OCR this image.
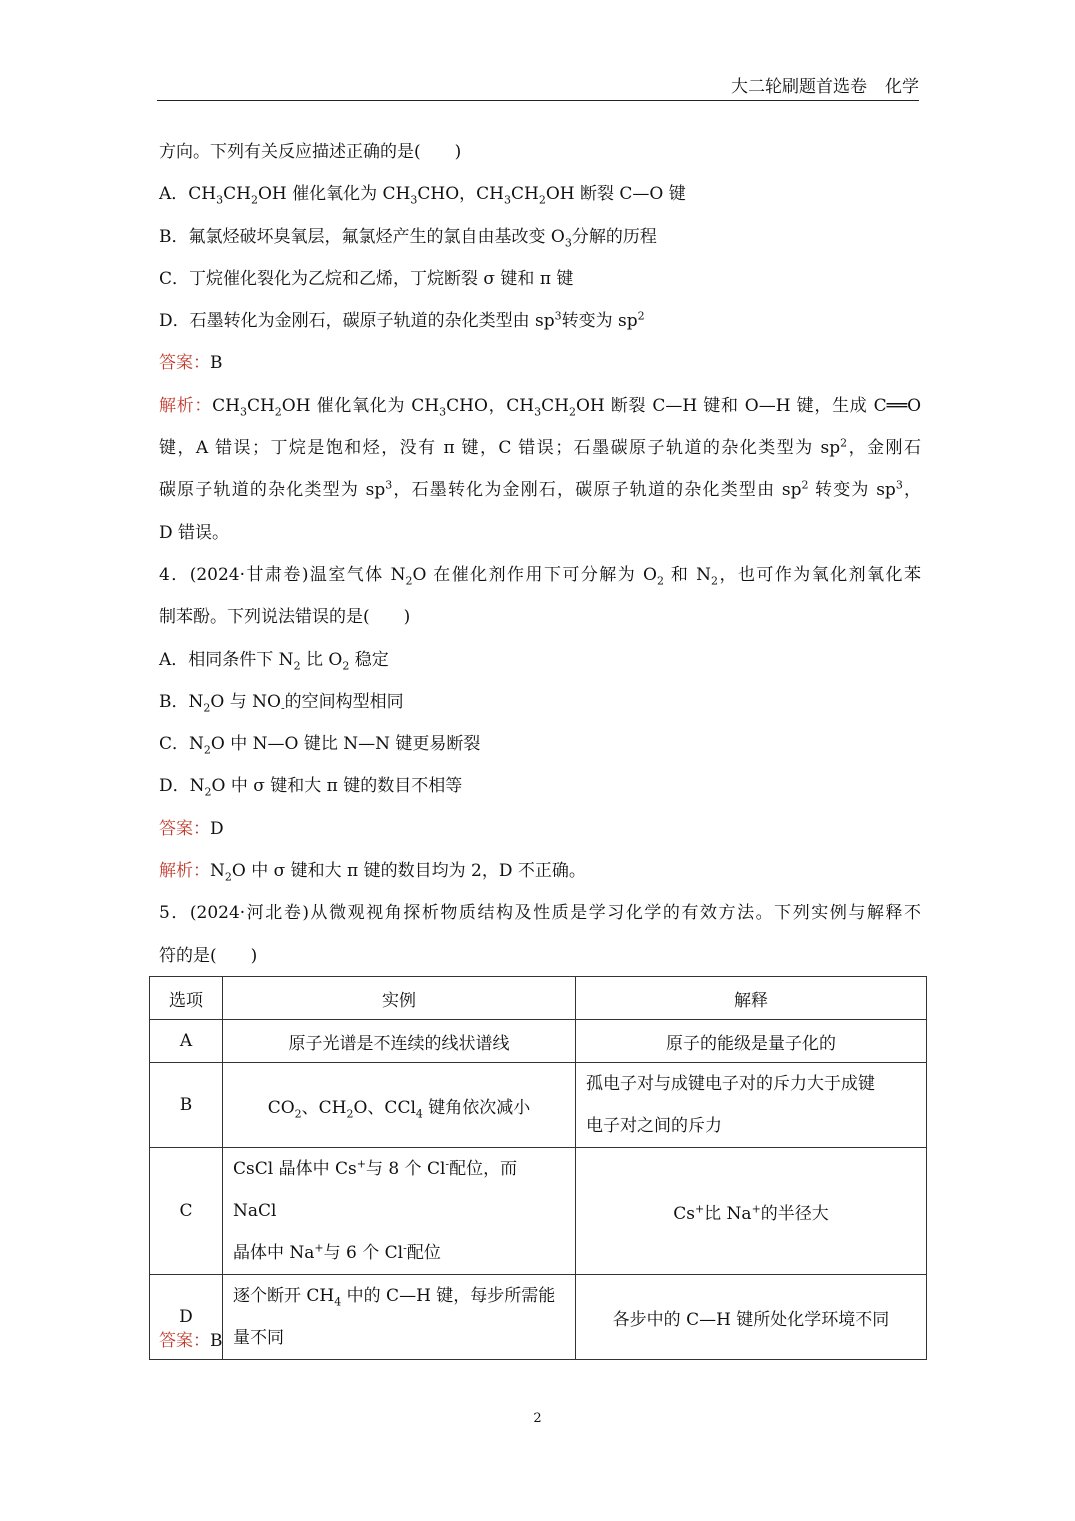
大二轮刷题首选卷 化学
方向。下列有关反应描述正确的是(　　)
A．$CH_3CH_2OH$ 催化氧化为 $CH_3CHO$，$CH_3CH_2OH$ 断裂 C—O 键
B．氟氯烃破坏臭氧层，氟氯烃产生的氯自由基改变 $O_3$分解的历程
C．丁烷催化裂化为乙烷和乙烯，丁烷断裂 σ 键和 π 键
D．石墨转化为金刚石，碳原子轨道的杂化类型由 $sp^3$转变为 $sp^2$
答案：B
解析：$CH_3CH_2OH$ 催化氧化为 $CH_3CHO$，$CH_3CH_2OH$ 断裂 C—H 键和 O—H 键，生成 C══O
键，A 错误；丁烷是饱和烃，没有 π 键，C 错误；石墨碳原子轨道的杂化类型为 $sp^2$，金刚石
碳原子轨道的杂化类型为 $sp^3$，石墨转化为金刚石，碳原子轨道的杂化类型由 $sp^2$ 转变为 $sp^3$，
D 错误。
4．(2024·甘肃卷)温室气体 $N_2O$ 在催化剂作用下可分解为 $O_2$ 和 $N_2$，也可作为氧化剂氧化苯
制苯酚。下列说法错误的是(　　)
A．相同条件下 $N_2$ 比 $O_2$ 稳定
B．$N_2O$ 与 $NO_-$的空间构型相同
C．$N_2O$ 中 N—O 键比 N—N 键更易断裂
D．$N_2O$ 中 σ 键和大 π 键的数目不相等
答案：D
解析：$N_2O$ 中 σ 键和大 π 键的数目均为 2，D 不正确。
5．(2024·河北卷)从微观视角探析物质结构及性质是学习化学的有效方法。下列实例与解释不
符的是(　　)
选项	实例	解释
A	原子光谱是不连续的线状谱线	原子的能级是量子化的
B	$CO_2$、$CH_2O$、CCl$_4$ 键角依次减小	孤电子对与成键电子对的斥力大于成键
电子对之间的斥力

C	CsCl 晶体中 Cs+与 8 个 Cl-配位，而 NaCl
晶体中 Na+与 6 个 Cl-配位	Cs+比 Na+的半径大
D	逐个断开 $CH_4$ 中的 C—H 键，每步所需能
量不同	各步中的 C—H 键所处化学环境不同
答案：B
2
